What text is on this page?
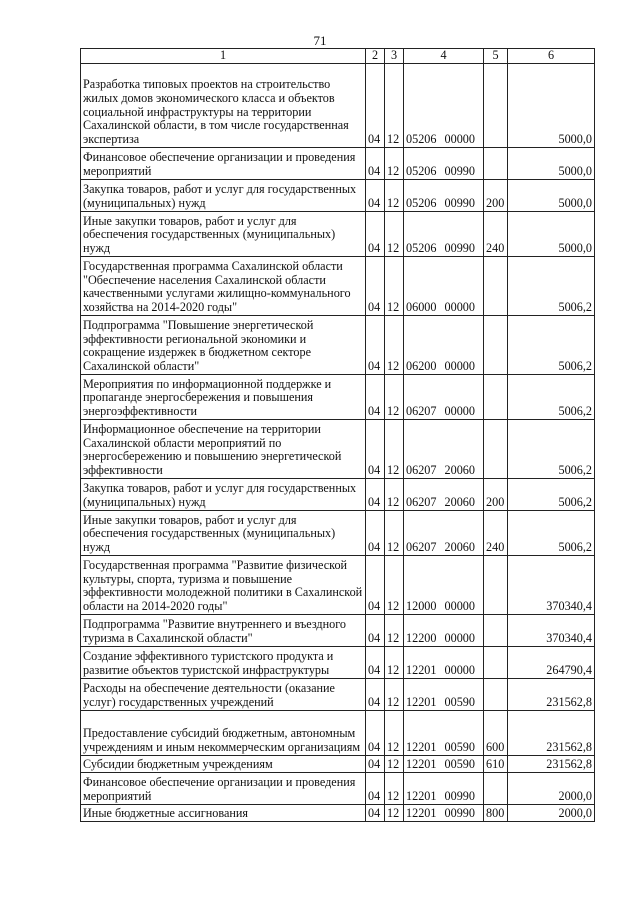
71
1	2	3	4	5	6
Разработка типовых проектов на строительство жилых домов экономического класса и объектов социальной инфраструктуры на территории Сахалинской области, в том числе государственная экспертиза	04	12	05206 00000		5000,0
Финансовое обеспечение организации и проведения мероприятий	04	12	05206 00990		5000,0
Закупка товаров, работ и услуг для государственных (муниципальных) нужд	04	12	05206 00990	200	5000,0
Иные закупки товаров, работ и услуг для обеспечения государственных (муниципальных) нужд	04	12	05206 00990	240	5000,0
Государственная программа Сахалинской области "Обеспечение населения Сахалинской области качественными услугами жилищно-коммунального хозяйства на 2014-2020 годы"	04	12	06000 00000		5006,2
Подпрограмма "Повышение энергетической эффективности региональной экономики и сокращение издержек в бюджетном секторе Сахалинской области"	04	12	06200 00000		5006,2
Мероприятия по информационной поддержке и пропаганде энергосбережения и повышения энергоэффективности	04	12	06207 00000		5006,2
Информационное обеспечение на территории Сахалинской области мероприятий по энергосбережению и повышению энергетической эффективности	04	12	06207 20060		5006,2
Закупка товаров, работ и услуг для государственных (муниципальных) нужд	04	12	06207 20060	200	5006,2
Иные закупки товаров, работ и услуг для обеспечения государственных (муниципальных) нужд	04	12	06207 20060	240	5006,2
Государственная программа "Развитие физической культуры, спорта, туризма и повышение эффективности молодежной политики в Сахалинской области на 2014-2020 годы"	04	12	12000 00000		370340,4
Подпрограмма "Развитие внутреннего и въездного туризма в Сахалинской области"	04	12	12200 00000		370340,4
Создание эффективного туристского продукта и развитие объектов туристской инфраструктуры	04	12	12201 00000		264790,4
Расходы на обеспечение деятельности (оказание услуг) государственных учреждений	04	12	12201 00590		231562,8
Предоставление субсидий бюджетным, автономным учреждениям и иным некоммерческим организациям	04	12	12201 00590	600	231562,8
Субсидии бюджетным учреждениям	04	12	12201 00590	610	231562,8
Финансовое обеспечение организации и проведения мероприятий	04	12	12201 00990		2000,0
Иные бюджетные ассигнования	04	12	12201 00990	800	2000,0
